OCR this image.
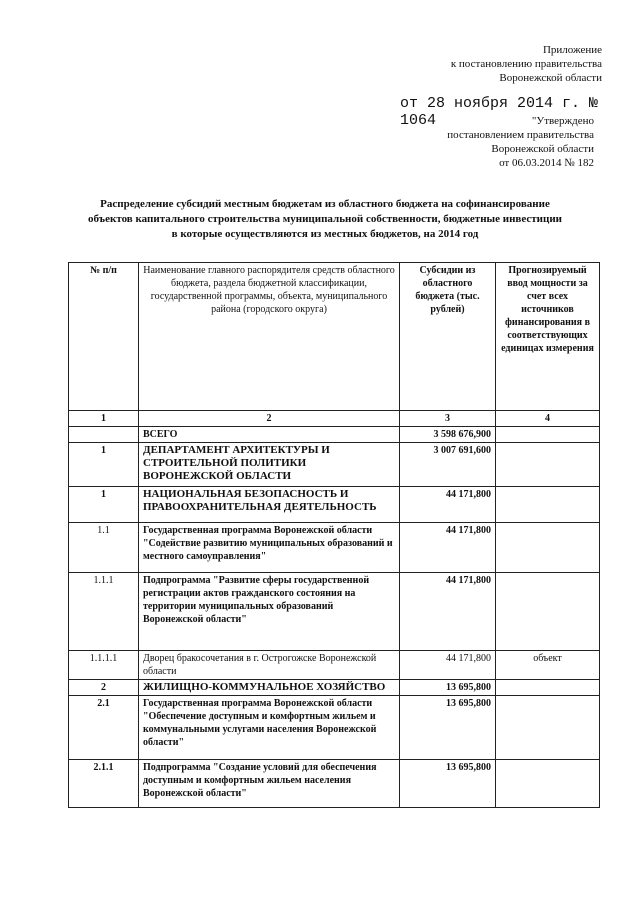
Приложение
к постановлению правительства
Воронежской области
от 28 ноября 2014 г. № 1064	"Утверждено
постановлением правительства
Воронежской области
от 06.03.2014 № 182
Распределение субсидий местным бюджетам из областного бюджета на софинансирование
объектов капитального строительства муниципальной собственности, бюджетные инвестиции
в которые осуществляются из местных бюджетов, на 2014 год
№ п/п	Наименование главного распорядителя средств областного бюджета, раздела бюджетной классификации, государственной программы, объекта, муниципального района (городского округа)	Субсидии из областного бюджета (тыс. рублей)	Прогнозируемый ввод мощности за счет всех источников финансирования в соответствующих единицах измерения
1	2	3	4
	ВСЕГО	3 598 676,900	
1	ДЕПАРТАМЕНТ АРХИТЕКТУРЫ И СТРОИТЕЛЬНОЙ ПОЛИТИКИ ВОРОНЕЖСКОЙ ОБЛАСТИ	3 007 691,600	
1	НАЦИОНАЛЬНАЯ БЕЗОПАСНОСТЬ И ПРАВООХРАНИТЕЛЬНАЯ ДЕЯТЕЛЬНОСТЬ	44 171,800	
1.1	Государственная программа Воронежской области "Содействие развитию муниципальных образований и местного самоуправления"	44 171,800	
1.1.1	Подпрограмма "Развитие сферы государственной регистрации актов гражданского состояния на территории муниципальных образований Воронежской области"	44 171,800	
1.1.1.1	Дворец бракосочетания в г. Острогожске Воронежской области	44 171,800	объект
2	ЖИЛИЩНО-КОММУНАЛЬНОЕ ХОЗЯЙСТВО	13 695,800	
2.1	Государственная программа Воронежской области "Обеспечение доступным и комфортным жильем и коммунальными услугами населения Воронежской области"	13 695,800	
2.1.1	Подпрограмма "Создание условий для обеспечения доступным и комфортным жильем населения Воронежской области"	13 695,800	
